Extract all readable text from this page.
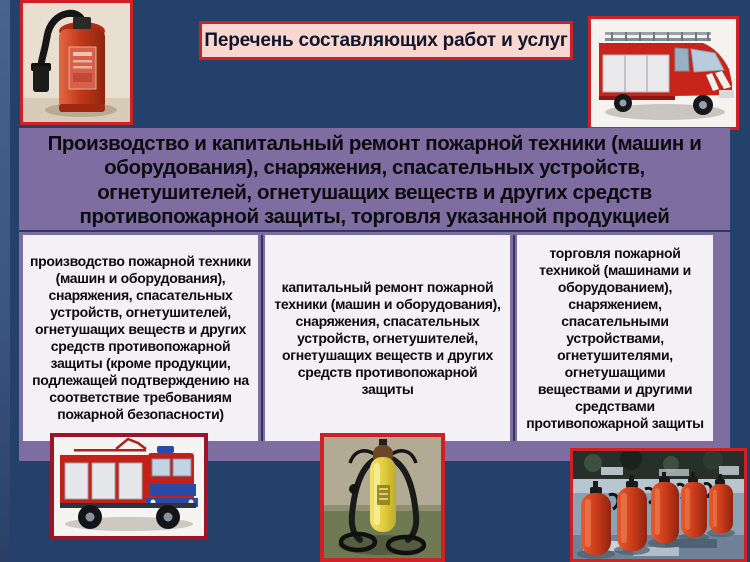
Перечень составляющих работ и услуг
Производство и капитальный ремонт пожарной техники (машин и
оборудования), снаряжения, спасательных устройств,
огнетушителей, огнетушащих веществ и других средств
противопожарной защиты, торговля указанной продукцией
производство пожарной техники (машин и оборудования), снаряжения, спасательных устройств, огнетушителей, огнетушащих веществ и других средств противопожарной защиты (кроме продукции, подлежащей подтверждению на соответствие требованиям пожарной безопасности)
капитальный ремонт пожарной техники (машин и оборудования), снаряжения, спасательных устройств, огнетушителей, огнетушащих веществ и других средств противопожарной защиты
торговля пожарной техникой (машинами и оборудованием), снаряжением, спасательными устройствами, огнетушителями, огнетушащими веществами и другими средствами противопожарной защиты
